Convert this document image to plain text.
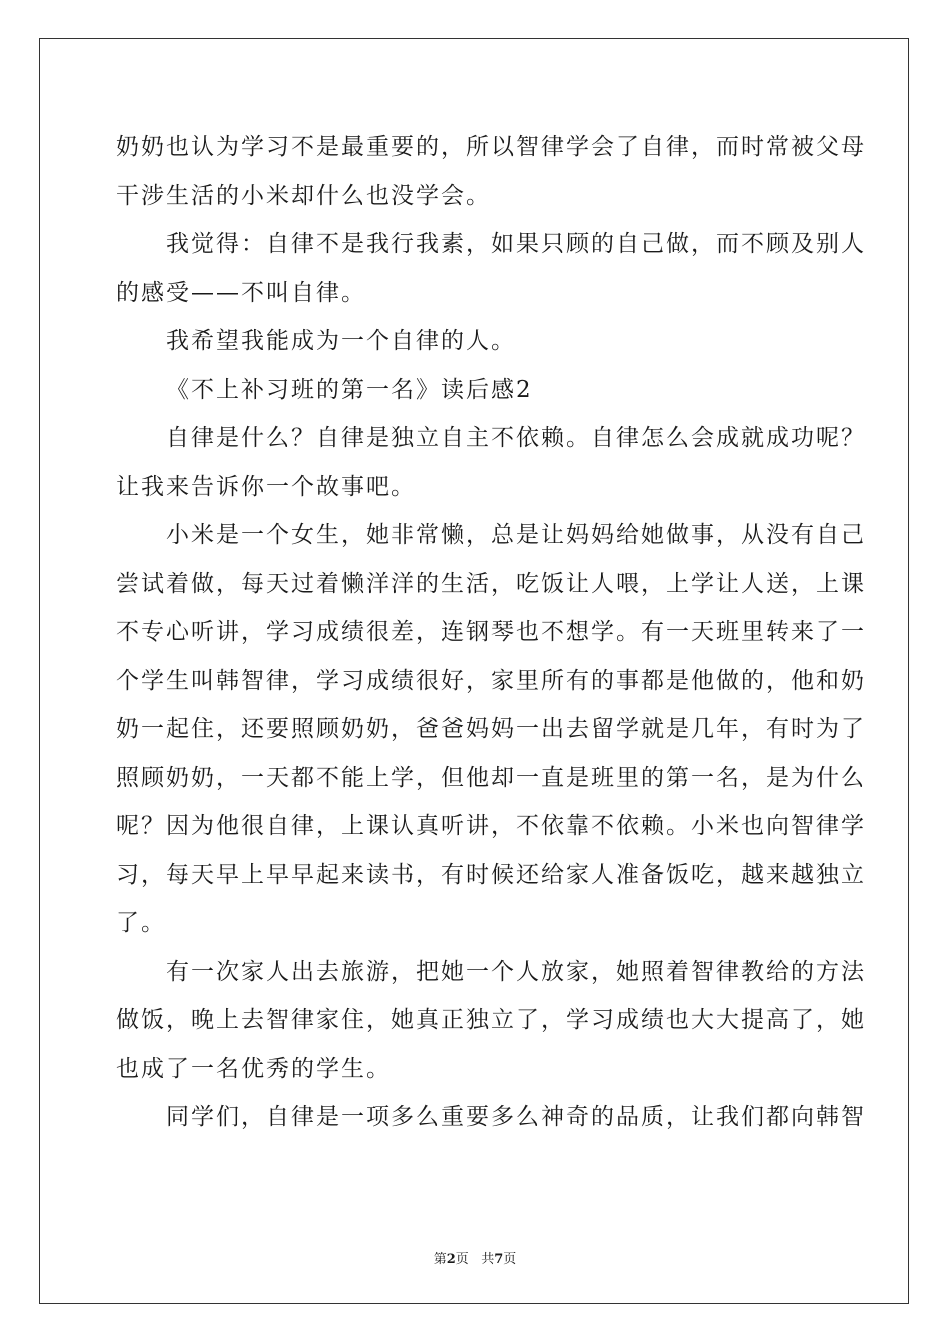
奶奶也认为学习不是最重要的，所以智律学会了自律，而时常被父母
干涉生活的小米却什么也没学会。
我觉得：自律不是我行我素，如果只顾的自己做，而不顾及别人
的感受——不叫自律。
我希望我能成为一个自律的人。
《不上补习班的第一名》读后感2
自律是什么？自律是独立自主不依赖。自律怎么会成就成功呢？
让我来告诉你一个故事吧。
小米是一个女生，她非常懒，总是让妈妈给她做事，从没有自己
尝试着做，每天过着懒洋洋的生活，吃饭让人喂，上学让人送，上课
不专心听讲，学习成绩很差，连钢琴也不想学。有一天班里转来了一
个学生叫韩智律，学习成绩很好，家里所有的事都是他做的，他和奶
奶一起住，还要照顾奶奶，爸爸妈妈一出去留学就是几年，有时为了
照顾奶奶，一天都不能上学，但他却一直是班里的第一名，是为什么
呢？因为他很自律，上课认真听讲，不依靠不依赖。小米也向智律学
习，每天早上早早起来读书，有时候还给家人准备饭吃，越来越独立
了。
有一次家人出去旅游，把她一个人放家，她照着智律教给的方法
做饭，晚上去智律家住，她真正独立了，学习成绩也大大提高了，她
也成了一名优秀的学生。
同学们，自律是一项多么重要多么神奇的品质，让我们都向韩智

第2页 共7页
